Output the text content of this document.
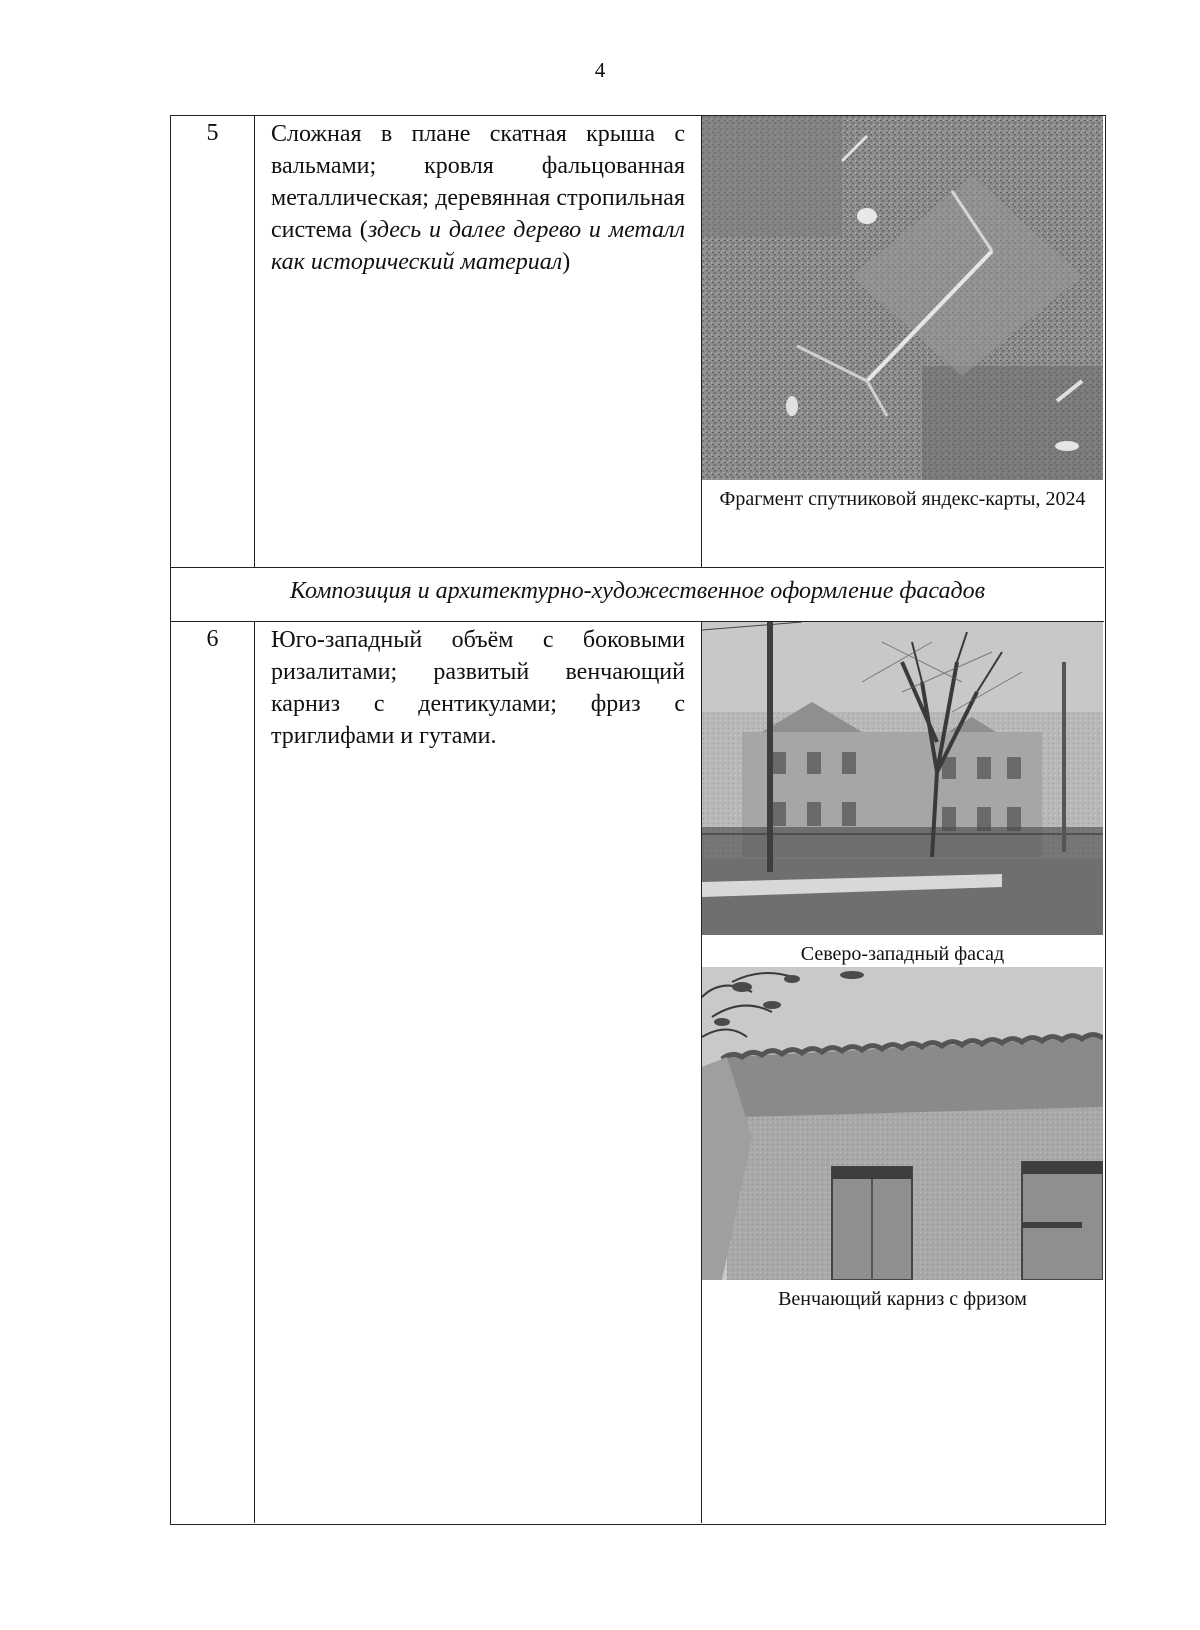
4
5	Сложная в плане скатная крыша с вальмами; кровля фальцованная металлическая; деревянная стропильная система (здесь и далее дерево и металл как исторический материал)
Фрагмент спутниковой яндекс-карты, 2024
Композиция и архитектурно-художественное оформление фасадов
6	Юго-западный объём с боковыми ризалитами; развитый венчающий карниз с дентикулами; фриз с триглифами и гутами.
Северо-западный фасад
Венчающий карниз с фризом
